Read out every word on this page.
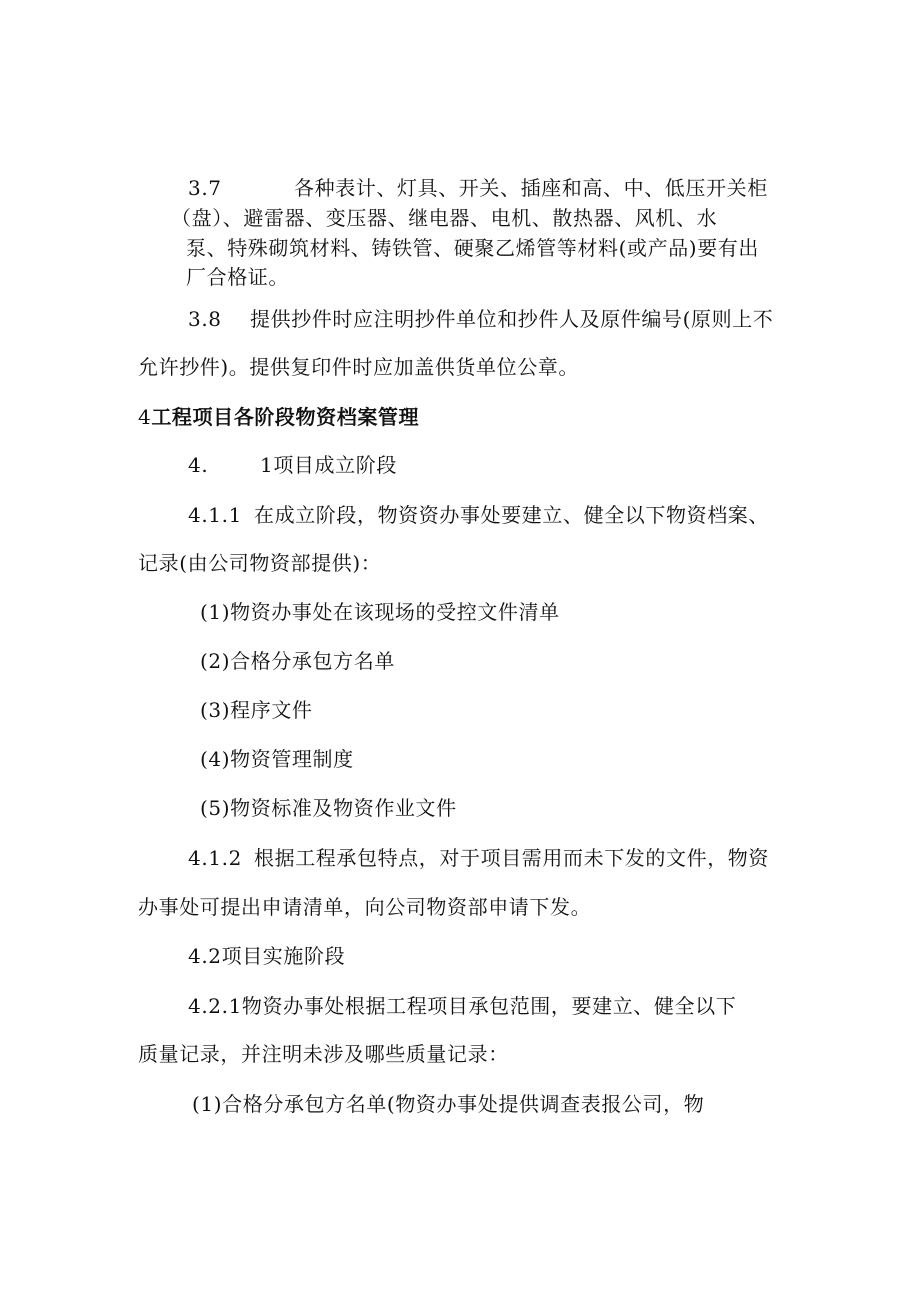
3.7	各种表计、灯具、开关、插座和高、中、低压开关柜
（盘）、避雷器、变压器、继电器、电机、散热器、风机、水
泵、特殊砌筑材料、铸铁管、硬聚乙烯管等材料(或产品)要有出
厂合格证。
3.8 提供抄件时应注明抄件单位和抄件人及原件编号(原则上不
允许抄件)。提供复印件时应加盖供货单位公章。
4工程项目各阶段物资档案管理
4.	1项目成立阶段
4.1.1 在成立阶段，物资资办事处要建立、健全以下物资档案、
记录(由公司物资部提供)：
(1)物资办事处在该现场的受控文件清单
(2)合格分承包方名单
(3)程序文件
(4)物资管理制度
(5)物资标准及物资作业文件
4.1.2 根据工程承包特点，对于项目需用而未下发的文件，物资
办事处可提出申请清单，向公司物资部申请下发。
4.2项目实施阶段
4.2.1物资办事处根据工程项目承包范围，要建立、健全以下
质量记录，并注明未涉及哪些质量记录：
(1)合格分承包方名单(物资办事处提供调查表报公司，物
